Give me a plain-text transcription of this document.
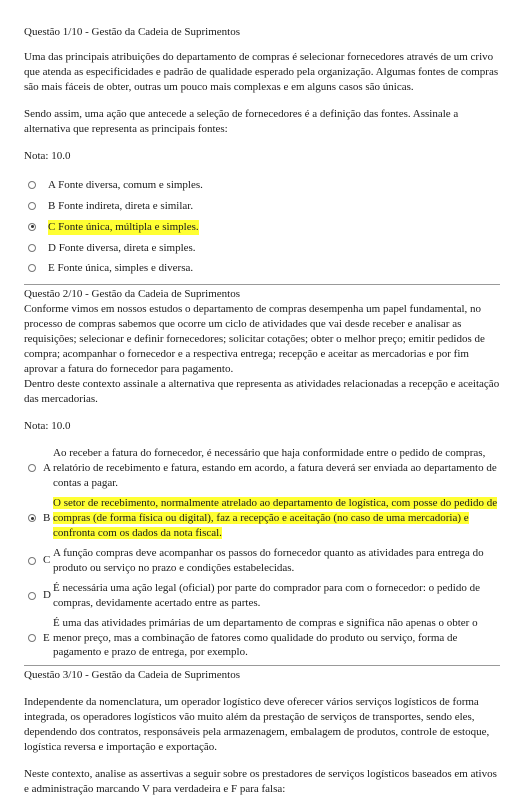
Questão 1/10 - Gestão da Cadeia de Suprimentos

Uma das principais atribuições do departamento de compras é selecionar fornecedores através de um crivo que atenda as especificidades e padrão de qualidade esperado pela organização. Algumas fontes de compras são mais fáceis de obter, outras um pouco mais complexas e em alguns casos são únicas.

Sendo assim, uma ação que antecede a seleção de fornecedores é a definição das fontes. Assinale a alternativa que representa as principais fontes:

Nota: 10.0

A Fonte diversa, comum e simples.
B Fonte indireta, direta e similar.
C Fonte única, múltipla e simples.
D Fonte diversa, direta e simples.
E Fonte única, simples e diversa.

Questão 2/10 - Gestão da Cadeia de Suprimentos

Conforme vimos em nossos estudos o departamento de compras desempenha um papel fundamental, no processo de compras sabemos que ocorre um ciclo de atividades que vai desde receber e analisar as requisições; selecionar e definir fornecedores; solicitar cotações; obter o melhor preço; emitir pedidos de compra; acompanhar o fornecedor e a respectiva entrega; recepção e aceitar as mercadorias e por fim aprovar a fatura do fornecedor para pagamento.

Dentro deste contexto assinale a alternativa que representa as atividades relacionadas a recepção e aceitação das mercadorias.

Nota: 10.0

A
Ao receber a fatura do fornecedor, é necessário que haja conformidade entre o pedido de compras, relatório de recebimento e fatura, estando em acordo, a fatura deverá ser enviada ao departamento de contas a pagar.
B
O setor de recebimento, normalmente atrelado ao departamento de logística, com posse do pedido de compras (de forma física ou digital), faz a recepção e aceitação (no caso de uma mercadoria) e confronta com os dados da nota fiscal.
C
A função compras deve acompanhar os passos do fornecedor quanto as atividades para entrega do produto ou serviço no prazo e condições estabelecidas.
D
É necessária uma ação legal (oficial) por parte do comprador para com o fornecedor: o pedido de compras, devidamente acertado entre as partes.
E
É uma das atividades primárias de um departamento de compras e significa não apenas o obter o menor preço, mas a combinação de fatores como qualidade do produto ou serviço, forma de pagamento e prazo de entrega, por exemplo.

Questão 3/10 - Gestão da Cadeia de Suprimentos

Independente da nomenclatura, um operador logístico deve oferecer vários serviços logísticos de forma integrada, os operadores logísticos vão muito além da prestação de serviços de transportes, sendo eles, dependendo dos contratos, responsáveis pela armazenagem, embalagem de produtos, controle de estoque, logística reversa e importação e exportação.

Neste contexto, analise as assertivas a seguir sobre os prestadores de serviços logísticos baseados em ativos e administração marcando V para verdadeira e F para falsa:
